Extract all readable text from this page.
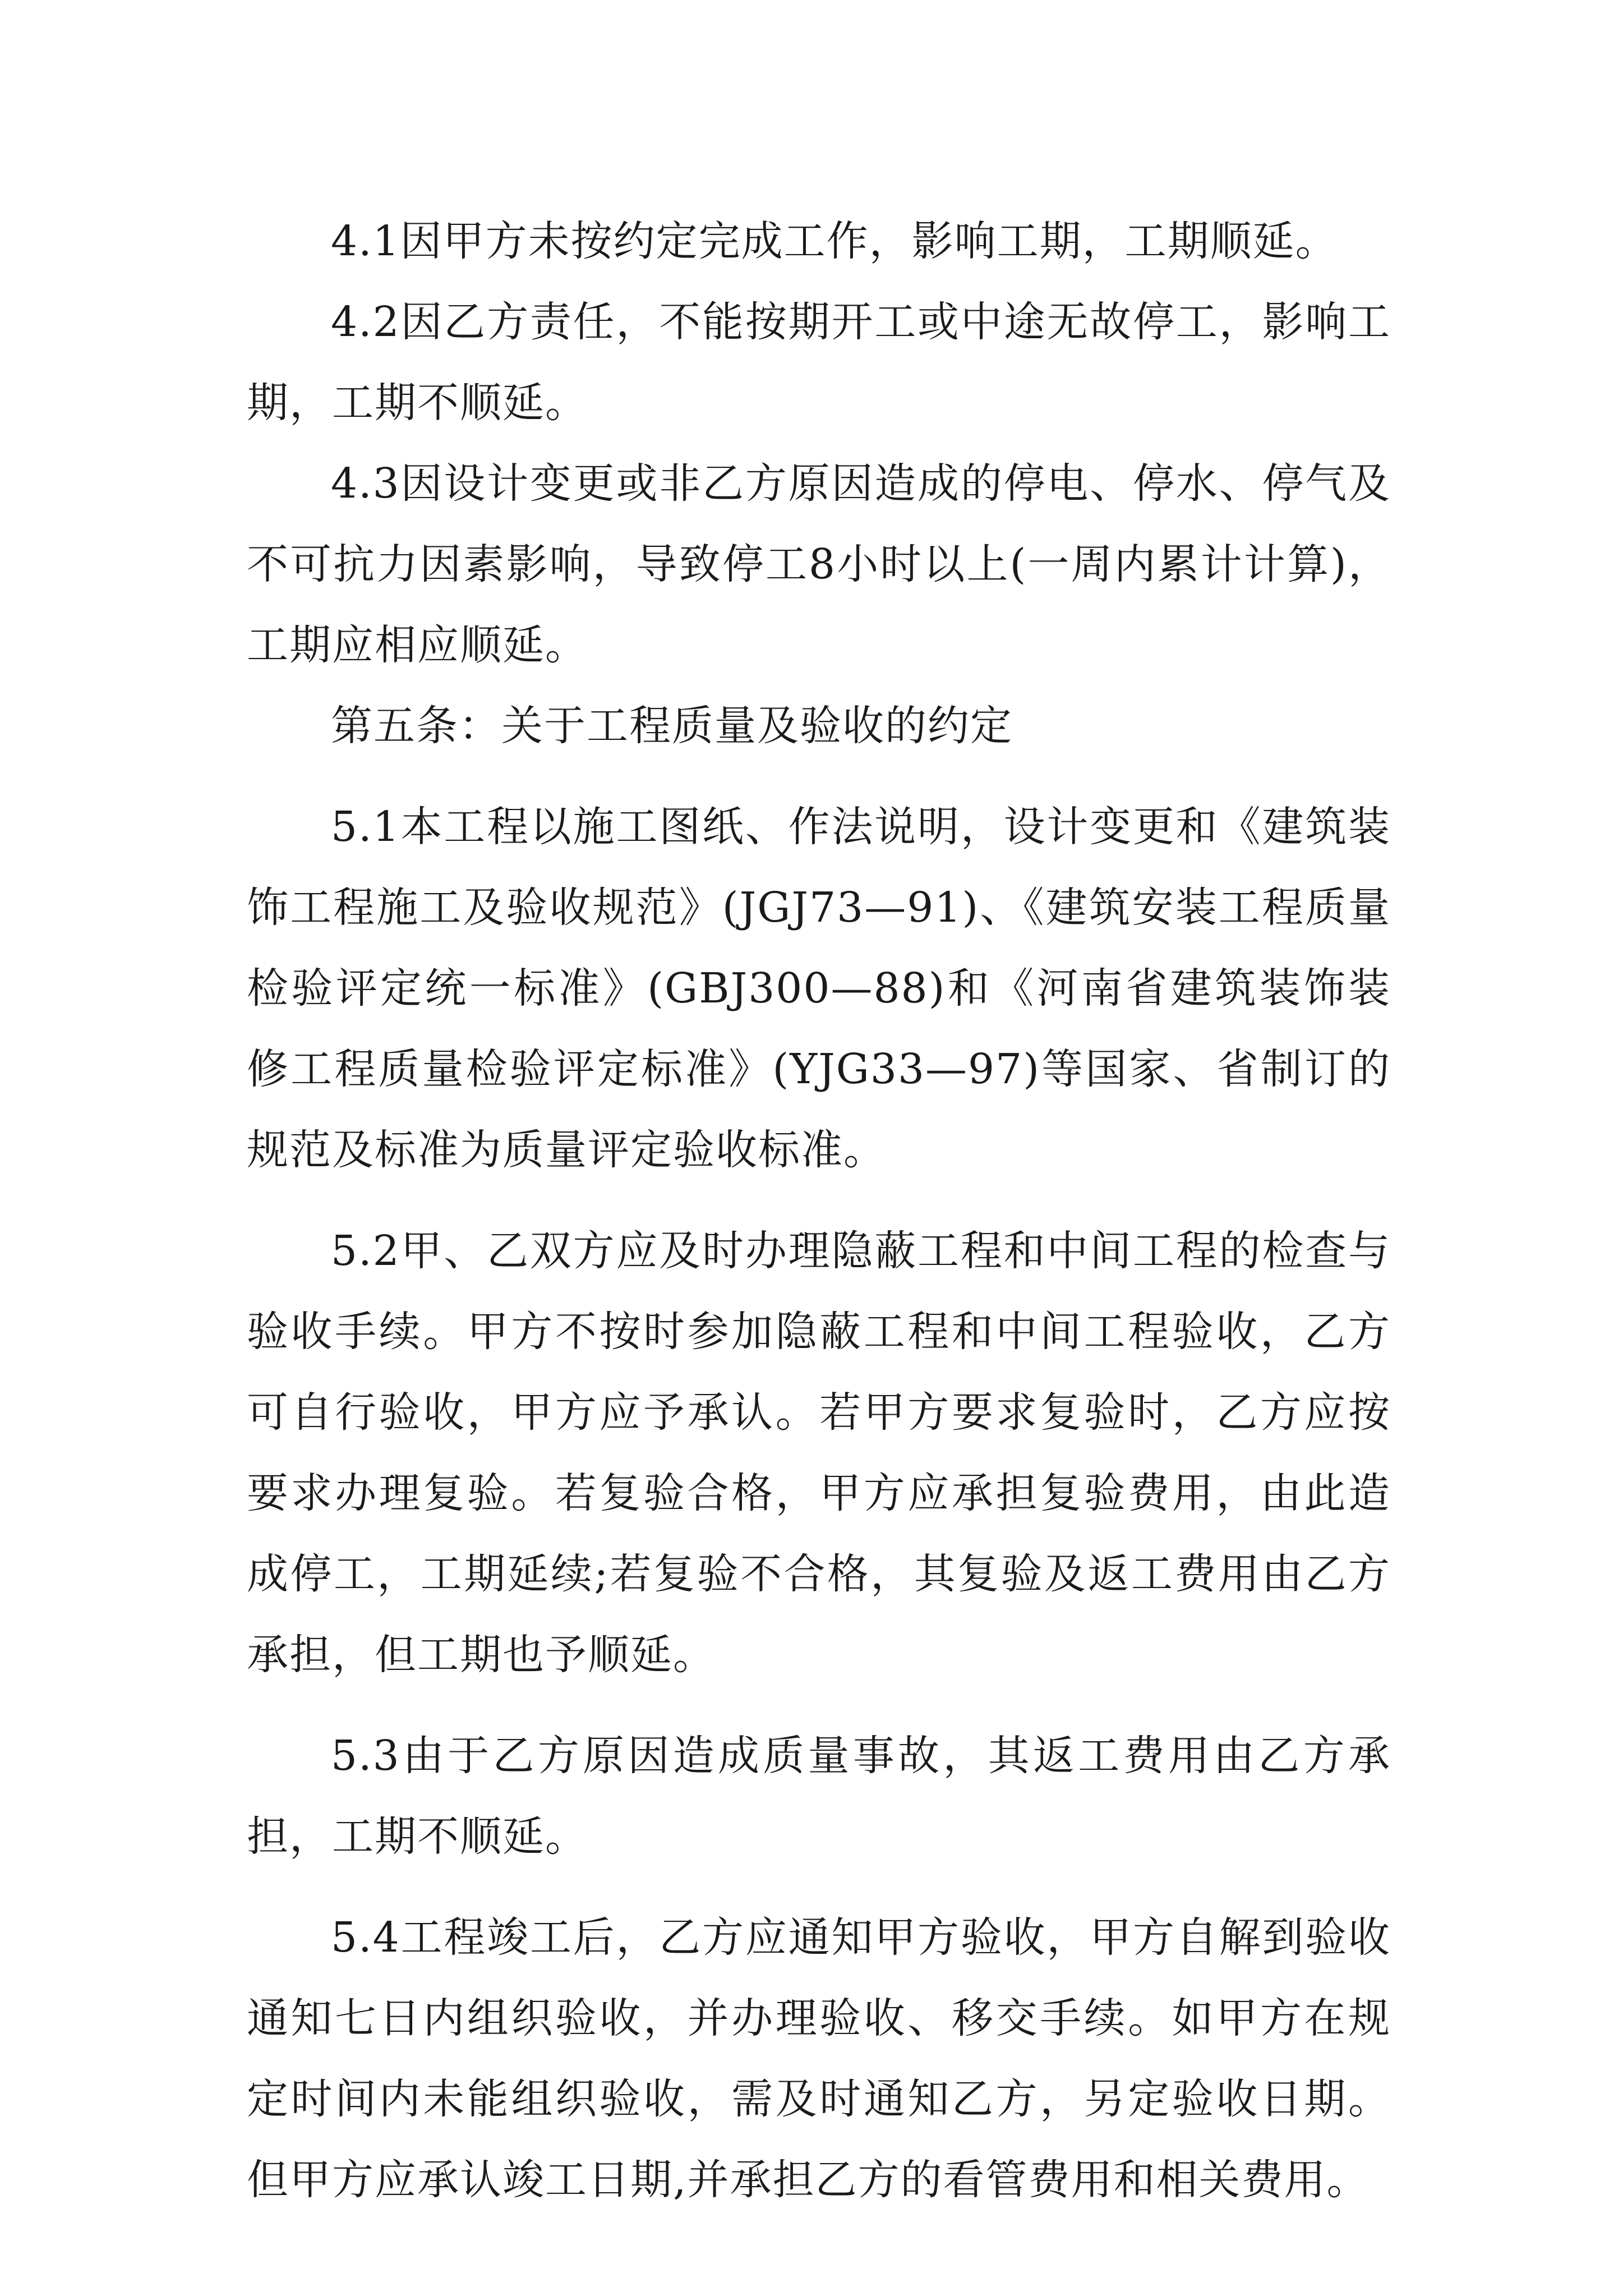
4.1因甲方未按约定完成工作，影响工期，工期顺延。

4.2因乙方责任，不能按期开工或中途无故停工，影响工期，工期不顺延。

4.3因设计变更或非乙方原因造成的停电、停水、停气及不可抗力因素影响，导致停工8小时以上(一周内累计计算)，工期应相应顺延。

第五条：关于工程质量及验收的约定

5.1本工程以施工图纸、作法说明，设计变更和《建筑装饰工程施工及验收规范》(JGJ73—91)、《建筑安装工程质量检验评定统一标准》(GBJ300—88)和《河南省建筑装饰装修工程质量检验评定标准》(YJG33—97)等国家、省制订的规范及标准为质量评定验收标准。

5.2甲、乙双方应及时办理隐蔽工程和中间工程的检查与验收手续。甲方不按时参加隐蔽工程和中间工程验收，乙方可自行验收，甲方应予承认。若甲方要求复验时，乙方应按要求办理复验。若复验合格，甲方应承担复验费用，由此造成停工，工期延续;若复验不合格，其复验及返工费用由乙方承担，但工期也予顺延。

5.3由于乙方原因造成质量事故，其返工费用由乙方承担，工期不顺延。

5.4工程竣工后，乙方应通知甲方验收，甲方自解到验收通知七日内组织验收，并办理验收、移交手续。如甲方在规定时间内未能组织验收，需及时通知乙方，另定验收日期。但甲方应承认竣工日期,并承担乙方的看管费用和相关费用。
